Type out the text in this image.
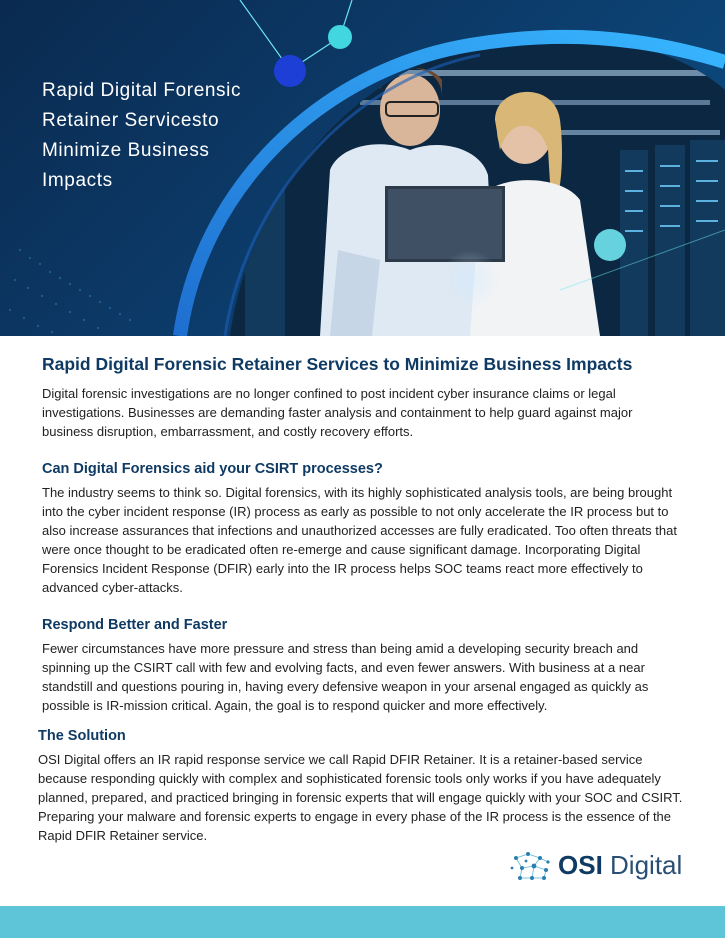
Rapid Digital Forensic Retainer Servicesto Minimize Business Impacts
Rapid Digital Forensic Retainer Services to Minimize Business Impacts

Digital forensic investigations are no longer confined to post incident cyber insurance claims or legal investigations. Businesses are demanding faster analysis and containment to help guard against major business disruption, embarrassment, and costly recovery efforts.

Can Digital Forensics aid your CSIRT processes?

The industry seems to think so. Digital forensics, with its highly sophisticated analysis tools, are being brought into the cyber incident response (IR) process as early as possible to not only accelerate the IR process but to also increase assurances that infections and unauthorized accesses are fully eradicated. Too often threats that were once thought to be eradicated often re-emerge and cause significant damage. Incorporating Digital Forensics Incident Response (DFIR) early into the IR process helps SOC teams react more effectively to advanced cyber-attacks.

Respond Better and Faster

Fewer circumstances have more pressure and stress than being amid a developing security breach and spinning up the CSIRT call with few and evolving facts, and even fewer answers. With business at a near standstill and questions pouring in, having every defensive weapon in your arsenal engaged as quickly as possible is IR-mission critical. Again, the goal is to respond quicker and more effectively.

The Solution

OSI Digital offers an IR rapid response service we call Rapid DFIR Retainer. It is a retainer-based service because responding quickly with complex and sophisticated forensic tools only works if you have adequately planned, prepared, and practiced bringing in forensic experts that will engage quickly with your SOC and CSIRT. Preparing your malware and forensic experts to engage in every phase of the IR process is the essence of the Rapid DFIR Retainer service.

OSI Digital
